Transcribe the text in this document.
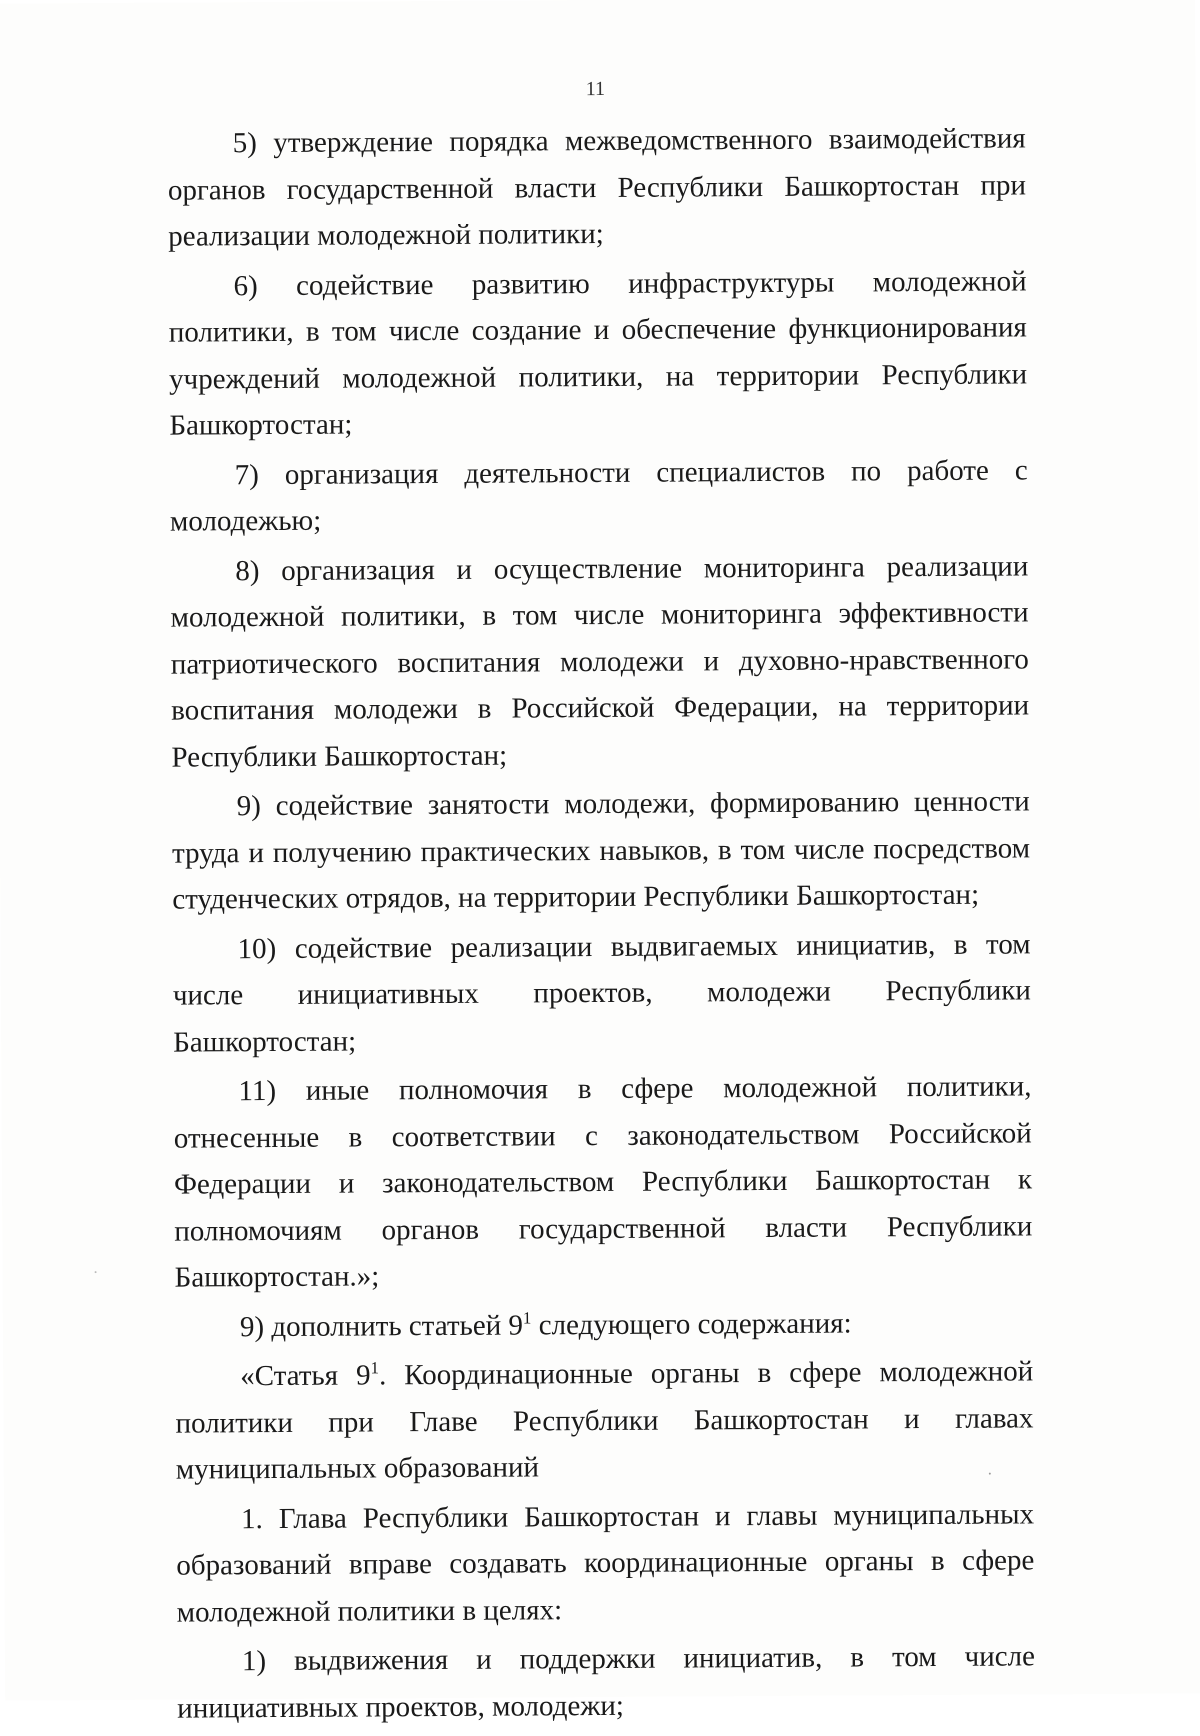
11

5) утверждение порядка межведомственного взаимодействия органов государственной власти Республики Башкортостан при реализации молодежной политики;

6) содействие развитию инфраструктуры молодежной политики, в том числе создание и обеспечение функционирования учреждений молодежной политики, на территории Республики Башкортостан;

7) организация деятельности специалистов по работе с молодежью;

8) организация и осуществление мониторинга реализации молодежной политики, в том числе мониторинга эффективности патриотического воспитания молодежи и духовно-нравственного воспитания молодежи в Российской Федерации, на территории Республики Башкортостан;

9) содействие занятости молодежи, формированию ценности труда и получению практических навыков, в том числе посредством студенческих отрядов, на территории Республики Башкортостан;

10) содействие реализации выдвигаемых инициатив, в том числе инициативных проектов, молодежи Республики Башкортостан;

11) иные полномочия в сфере молодежной политики, отнесенные в соответствии с законодательством Российской Федерации и законодательством Республики Башкортостан к полномочиям органов государственной власти Республики Башкортостан.»;

9) дополнить статьей $9^1$ следующего содержания:

«Статья $9^1$. Координационные органы в сфере молодежной политики при Главе Республики Башкортостан и главах муниципальных образований

1. Глава Республики Башкортостан и главы муниципальных образований вправе создавать координационные органы в сфере молодежной политики в целях:

1) выдвижения и поддержки инициатив, в том числе инициативных проектов, молодежи;
